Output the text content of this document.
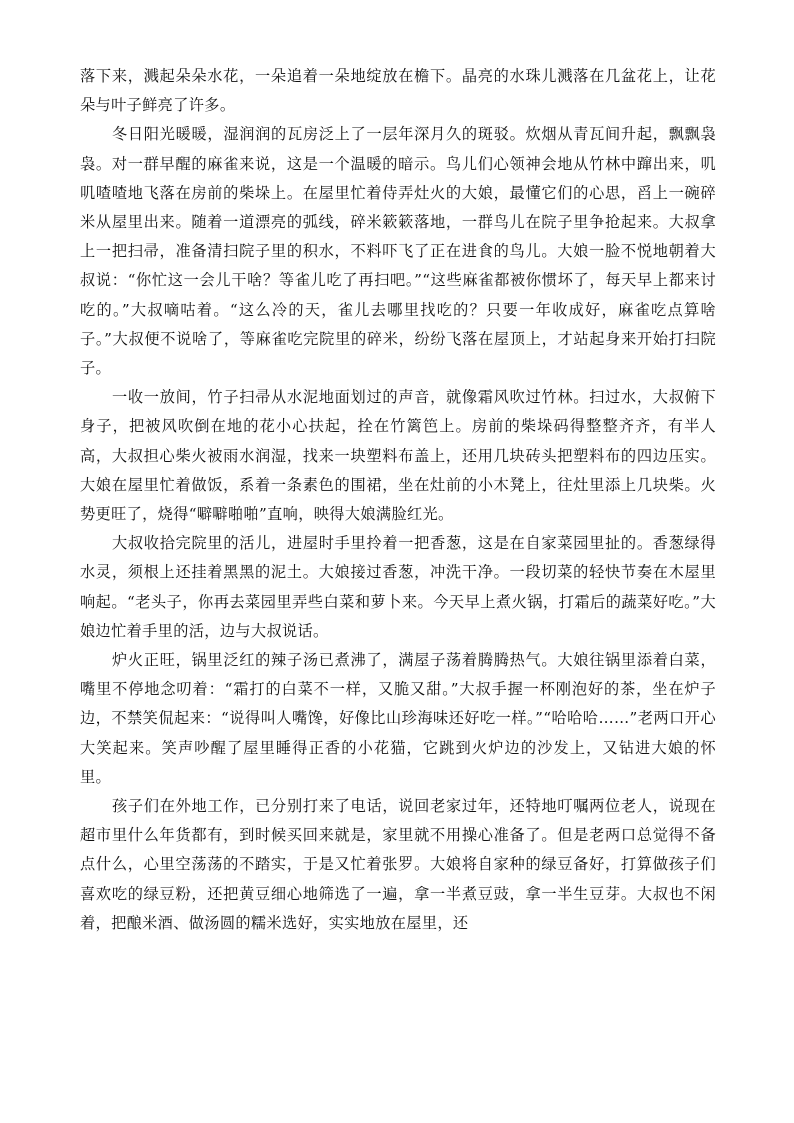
落下来，溅起朵朵水花，一朵追着一朵地绽放在檐下。晶亮的水珠儿溅落在几盆花上，让花朵与叶子鲜亮了许多。

冬日阳光暖暖，湿润润的瓦房泛上了一层年深月久的斑驳。炊烟从青瓦间升起，飘飘袅袅。对一群早醒的麻雀来说，这是一个温暖的暗示。鸟儿们心领神会地从竹林中蹿出来，叽叽喳喳地飞落在房前的柴垛上。在屋里忙着侍弄灶火的大娘，最懂它们的心思，舀上一碗碎米从屋里出来。随着一道漂亮的弧线，碎米簌簌落地，一群鸟儿在院子里争抢起来。大叔拿上一把扫帚，准备清扫院子里的积水，不料吓飞了正在进食的鸟儿。大娘一脸不悦地朝着大叔说：“你忙这一会儿干啥？等雀儿吃了再扫吧。”“这些麻雀都被你惯坏了，每天早上都来讨吃的。”大叔嘀咕着。“这么冷的天，雀儿去哪里找吃的？只要一年收成好，麻雀吃点算啥子。”大叔便不说啥了，等麻雀吃完院里的碎米，纷纷飞落在屋顶上，才站起身来开始打扫院子。

一收一放间，竹子扫帚从水泥地面划过的声音，就像霜风吹过竹林。扫过水，大叔俯下身子，把被风吹倒在地的花小心扶起，拴在竹篱笆上。房前的柴垛码得整整齐齐，有半人高，大叔担心柴火被雨水润湿，找来一块塑料布盖上，还用几块砖头把塑料布的四边压实。大娘在屋里忙着做饭，系着一条素色的围裙，坐在灶前的小木凳上，往灶里添上几块柴。火势更旺了，烧得“噼噼啪啪”直响，映得大娘满脸红光。

大叔收拾完院里的活儿，进屋时手里拎着一把香葱，这是在自家菜园里扯的。香葱绿得水灵，须根上还挂着黑黑的泥土。大娘接过香葱，冲洗干净。一段切菜的轻快节奏在木屋里响起。“老头子，你再去菜园里弄些白菜和萝卜来。今天早上煮火锅，打霜后的蔬菜好吃。”大娘边忙着手里的活，边与大叔说话。

炉火正旺，锅里泛红的辣子汤已煮沸了，满屋子荡着腾腾热气。大娘往锅里添着白菜，嘴里不停地念叨着：“霜打的白菜不一样，又脆又甜。”大叔手握一杯刚泡好的茶，坐在炉子边，不禁笑侃起来：“说得叫人嘴馋，好像比山珍海味还好吃一样。”“哈哈哈……”老两口开心大笑起来。笑声吵醒了屋里睡得正香的小花猫，它跳到火炉边的沙发上，又钻进大娘的怀里。

孩子们在外地工作，已分别打来了电话，说回老家过年，还特地叮嘱两位老人，说现在超市里什么年货都有，到时候买回来就是，家里就不用操心准备了。但是老两口总觉得不备点什么，心里空荡荡的不踏实，于是又忙着张罗。大娘将自家种的绿豆备好，打算做孩子们喜欢吃的绿豆粉，还把黄豆细心地筛选了一遍，拿一半煮豆豉，拿一半生豆芽。大叔也不闲着，把酿米酒、做汤圆的糯米选好，实实地放在屋里，还
